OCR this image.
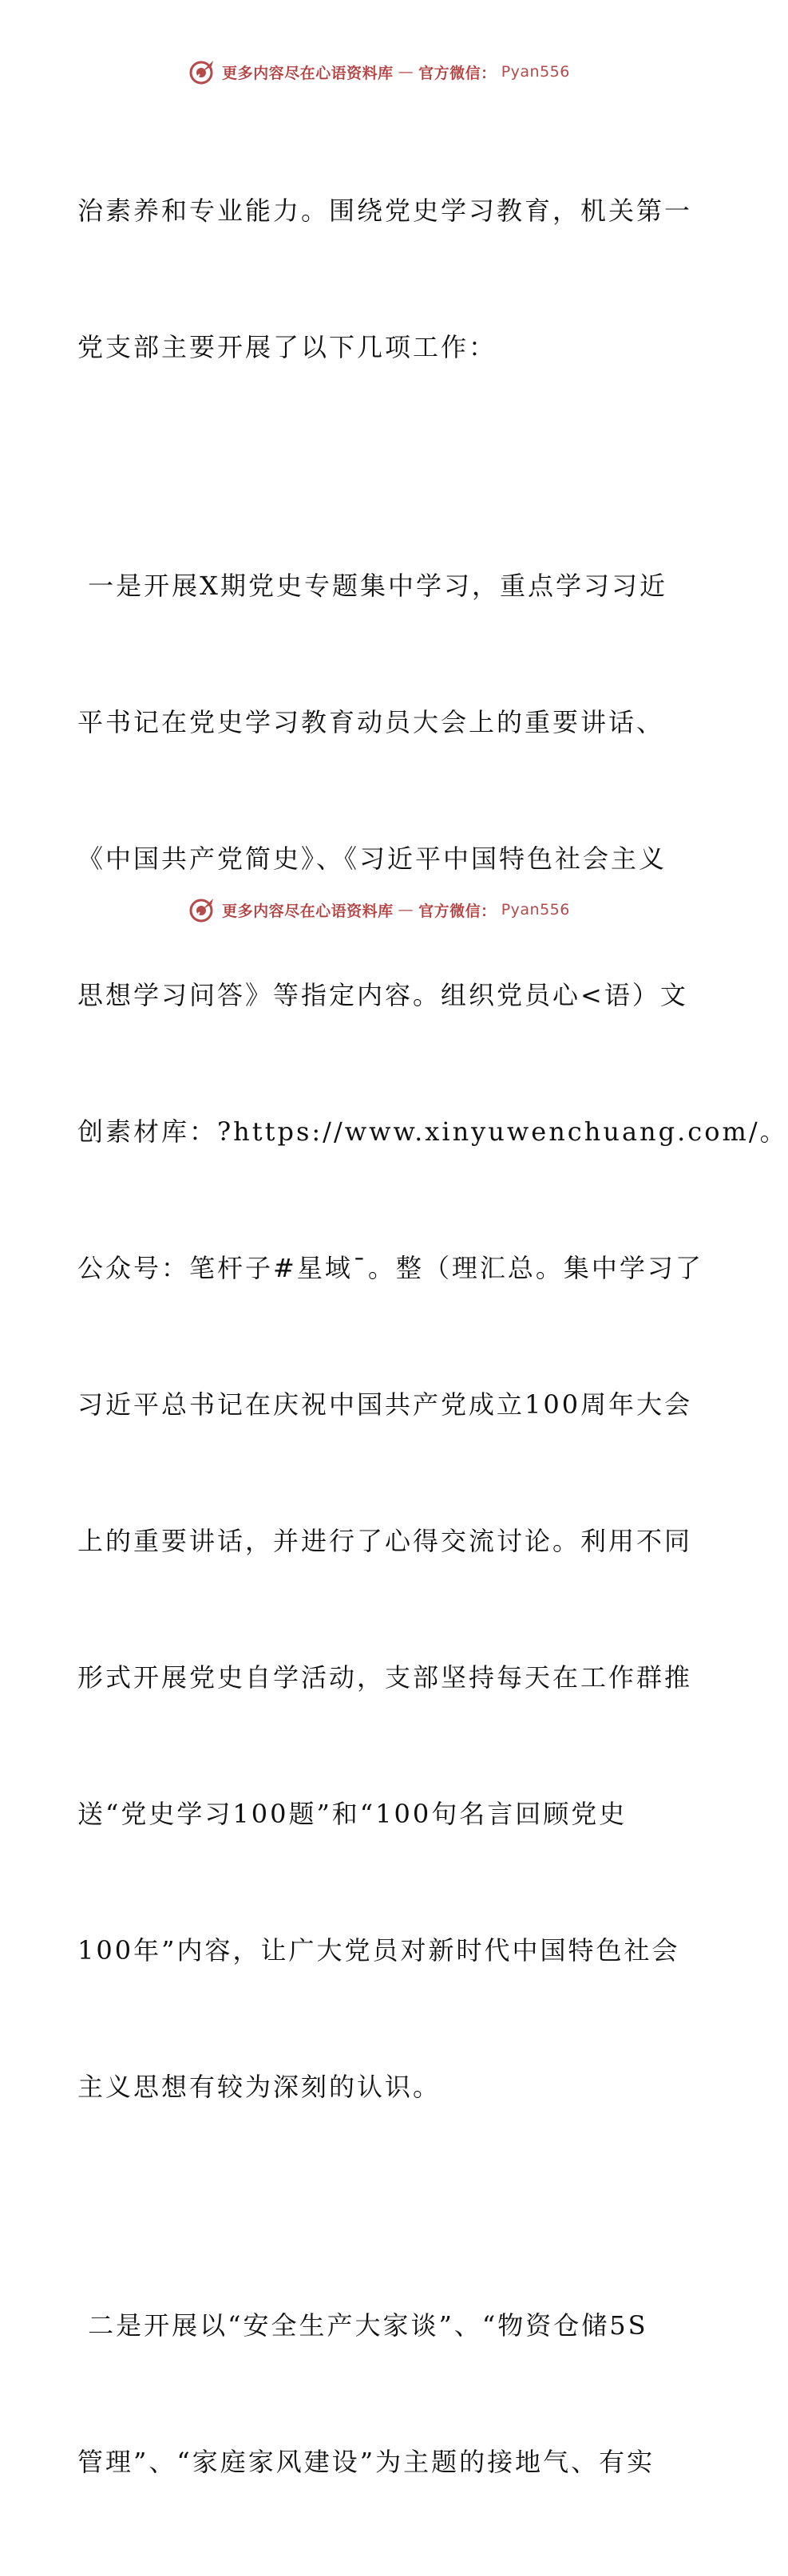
更多内容尽在心语资料库 — 官方微信： Pyan556

治素养和专业能力。围绕党史学习教育，机关第一

党支部主要开展了以下几项工作：

一是开展X期党史专题集中学习，重点学习习近

平书记在党史学习教育动员大会上的重要讲话、

《中国共产党简史》、《习近平中国特色社会主义

思想学习问答》等指定内容。组织党员心<语）文

创素材库：?https://www.xinyuwenchuang.com/。

公众号：笔杆子#星域¯。整（理汇总。集中学习了

习近平总书记在庆祝中国共产党成立100周年大会

上的重要讲话，并进行了心得交流讨论。利用不同

形式开展党史自学活动，支部坚持每天在工作群推

送“党史学习100题”和“100句名言回顾党史

100年”内容，让广大党员对新时代中国特色社会

主义思想有较为深刻的认识。

二是开展以“安全生产大家谈”、“物资仓储5S

管理”、“家庭家风建设”为主题的接地气、有实

更多内容尽在心语资料库 — 官方微信： Pyan556
